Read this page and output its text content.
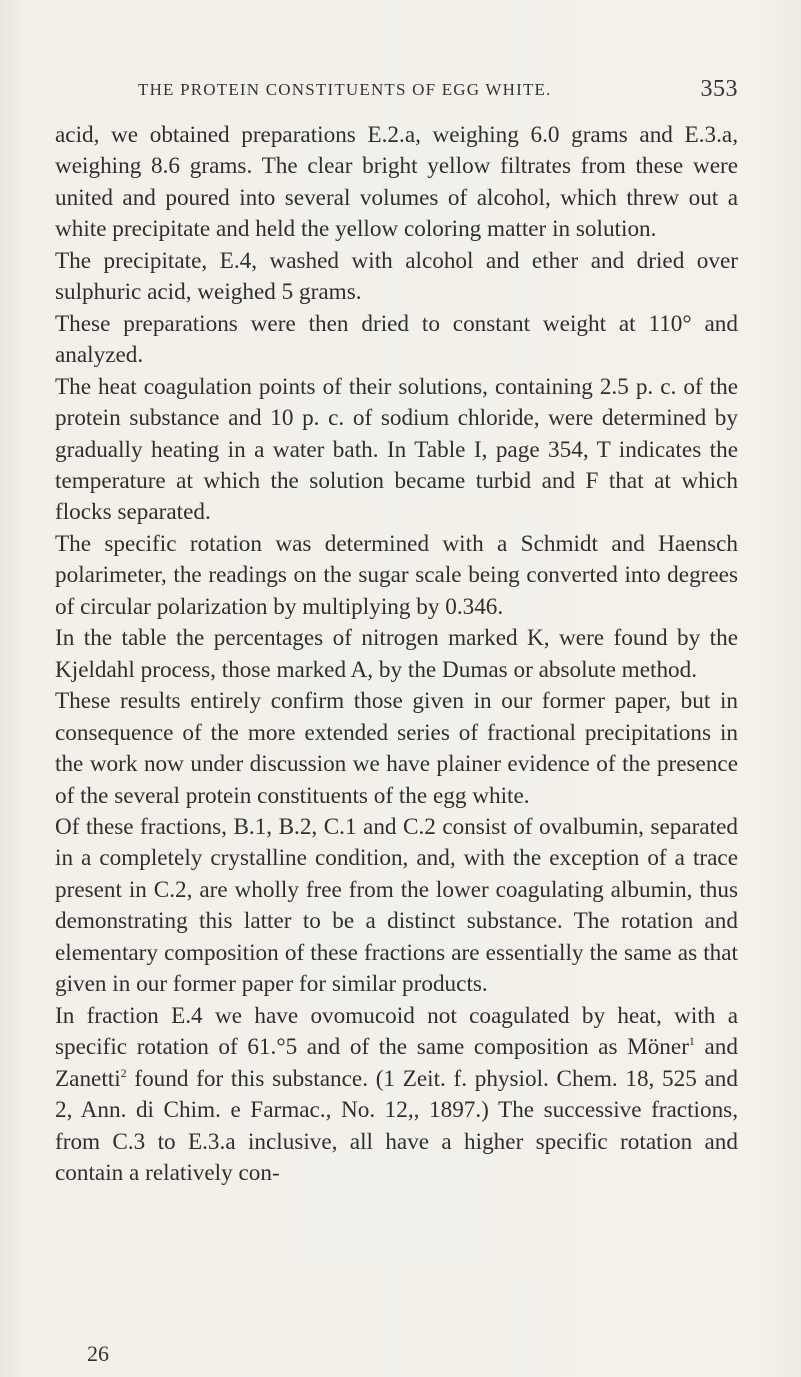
THE PROTEIN CONSTITUENTS OF EGG WHITE.	353

acid, we obtained preparations E.2.a, weighing 6.0 grams and E.3.a, weighing 8.6 grams. The clear bright yellow filtrates from these were united and poured into several volumes of alcohol, which threw out a white precipitate and held the yellow coloring matter in solution.

The precipitate, E.4, washed with alcohol and ether and dried over sulphuric acid, weighed 5 grams.

These preparations were then dried to constant weight at 110° and analyzed.

The heat coagulation points of their solutions, containing 2.5 p. c. of the protein substance and 10 p. c. of sodium chloride, were determined by gradually heating in a water bath. In Table I, page 354, T indicates the temperature at which the solution became turbid and F that at which flocks separated.

The specific rotation was determined with a Schmidt and Haensch polarimeter, the readings on the sugar scale being converted into degrees of circular polarization by multiplying by 0.346.

In the table the percentages of nitrogen marked K, were found by the Kjeldahl process, those marked A, by the Dumas or absolute method.

These results entirely confirm those given in our former paper, but in consequence of the more extended series of fractional precipitations in the work now under discussion we have plainer evidence of the presence of the several protein constituents of the egg white.

Of these fractions, B.1, B.2, C.1 and C.2 consist of ovalbumin, separated in a completely crystalline condition, and, with the exception of a trace present in C.2, are wholly free from the lower coagulating albumin, thus demonstrating this latter to be a distinct substance. The rotation and elementary composition of these fractions are essentially the same as that given in our former paper for similar products.

In fraction E.4 we have ovomucoid not coagulated by heat, with a specific rotation of 61.°5 and of the same composition as Möner$^1$ and Zanetti$^2$ found for this substance. (1 Zeit. f. physiol. Chem. 18, 525 and 2, Ann. di Chim. e Farmac., No. 12,, 1897.) The successive fractions, from C.3 to E.3.a inclusive, all have a higher specific rotation and contain a relatively con-

26
